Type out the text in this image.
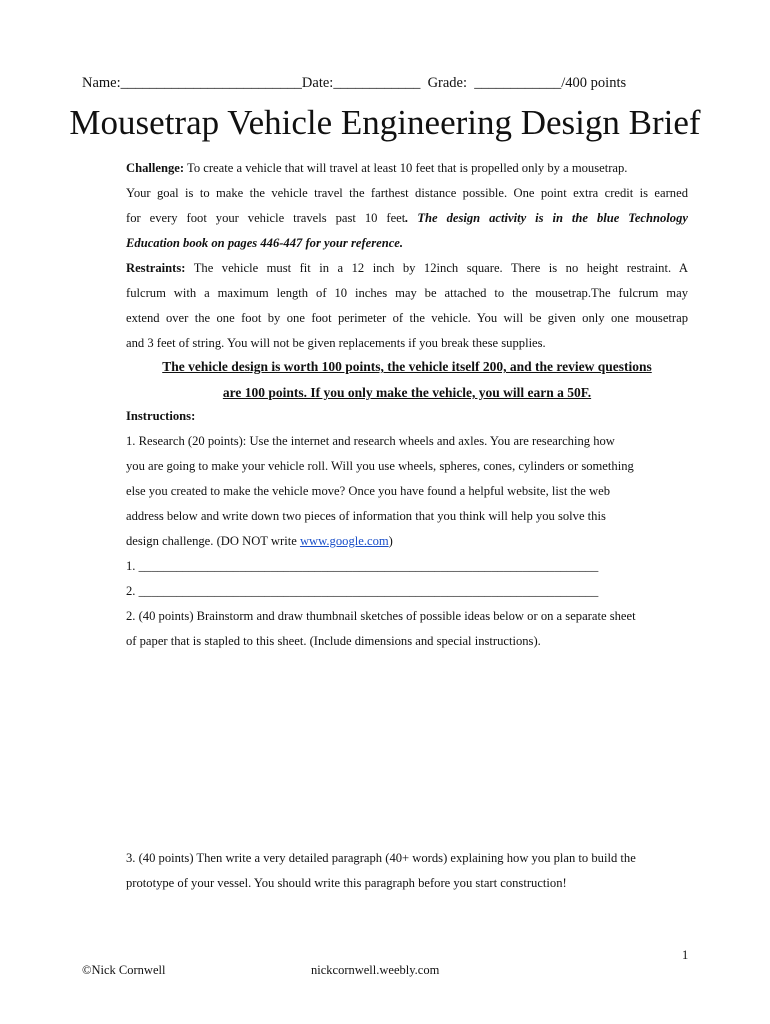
Name:_________________________Date:____________ Grade: ____________/400 points
Mousetrap Vehicle Engineering Design Brief
Challenge: To create a vehicle that will travel at least 10 feet that is propelled only by a mousetrap.
Your goal is to make the vehicle travel the farthest distance possible. One point extra credit is earned
for every foot your vehicle travels past 10 feet. The design activity is in the blue Technology
Education book on pages 446-447 for your reference.
Restraints: The vehicle must fit in a 12 inch by 12inch square. There is no height restraint. A
fulcrum with a maximum length of 10 inches may be attached to the mousetrap.The fulcrum may
extend over the one foot by one foot perimeter of the vehicle. You will be given only one mousetrap
and 3 feet of string. You will not be given replacements if you break these supplies.
The vehicle design is worth 100 points, the vehicle itself 200, and the review questions
are 100 points. If you only make the vehicle, you will earn a 50F.
Instructions:
1. Research (20 points): Use the internet and research wheels and axles. You are researching how
you are going to make your vehicle roll. Will you use wheels, spheres, cones, cylinders or something
else you created to make the vehicle move? Once you have found a helpful website, list the web
address below and write down two pieces of information that you think will help you solve this
design challenge. (DO NOT write www.google.com)
1. _________________________________________________________________________
2. _________________________________________________________________________
2. (40 points) Brainstorm and draw thumbnail sketches of possible ideas below or on a separate sheet
of paper that is stapled to this sheet. (Include dimensions and special instructions).
3. (40 points) Then write a very detailed paragraph (40+ words) explaining how you plan to build the
prototype of your vessel. You should write this paragraph before you start construction!
1
©Nick Cornwell	nickcornwell.weebly.com
